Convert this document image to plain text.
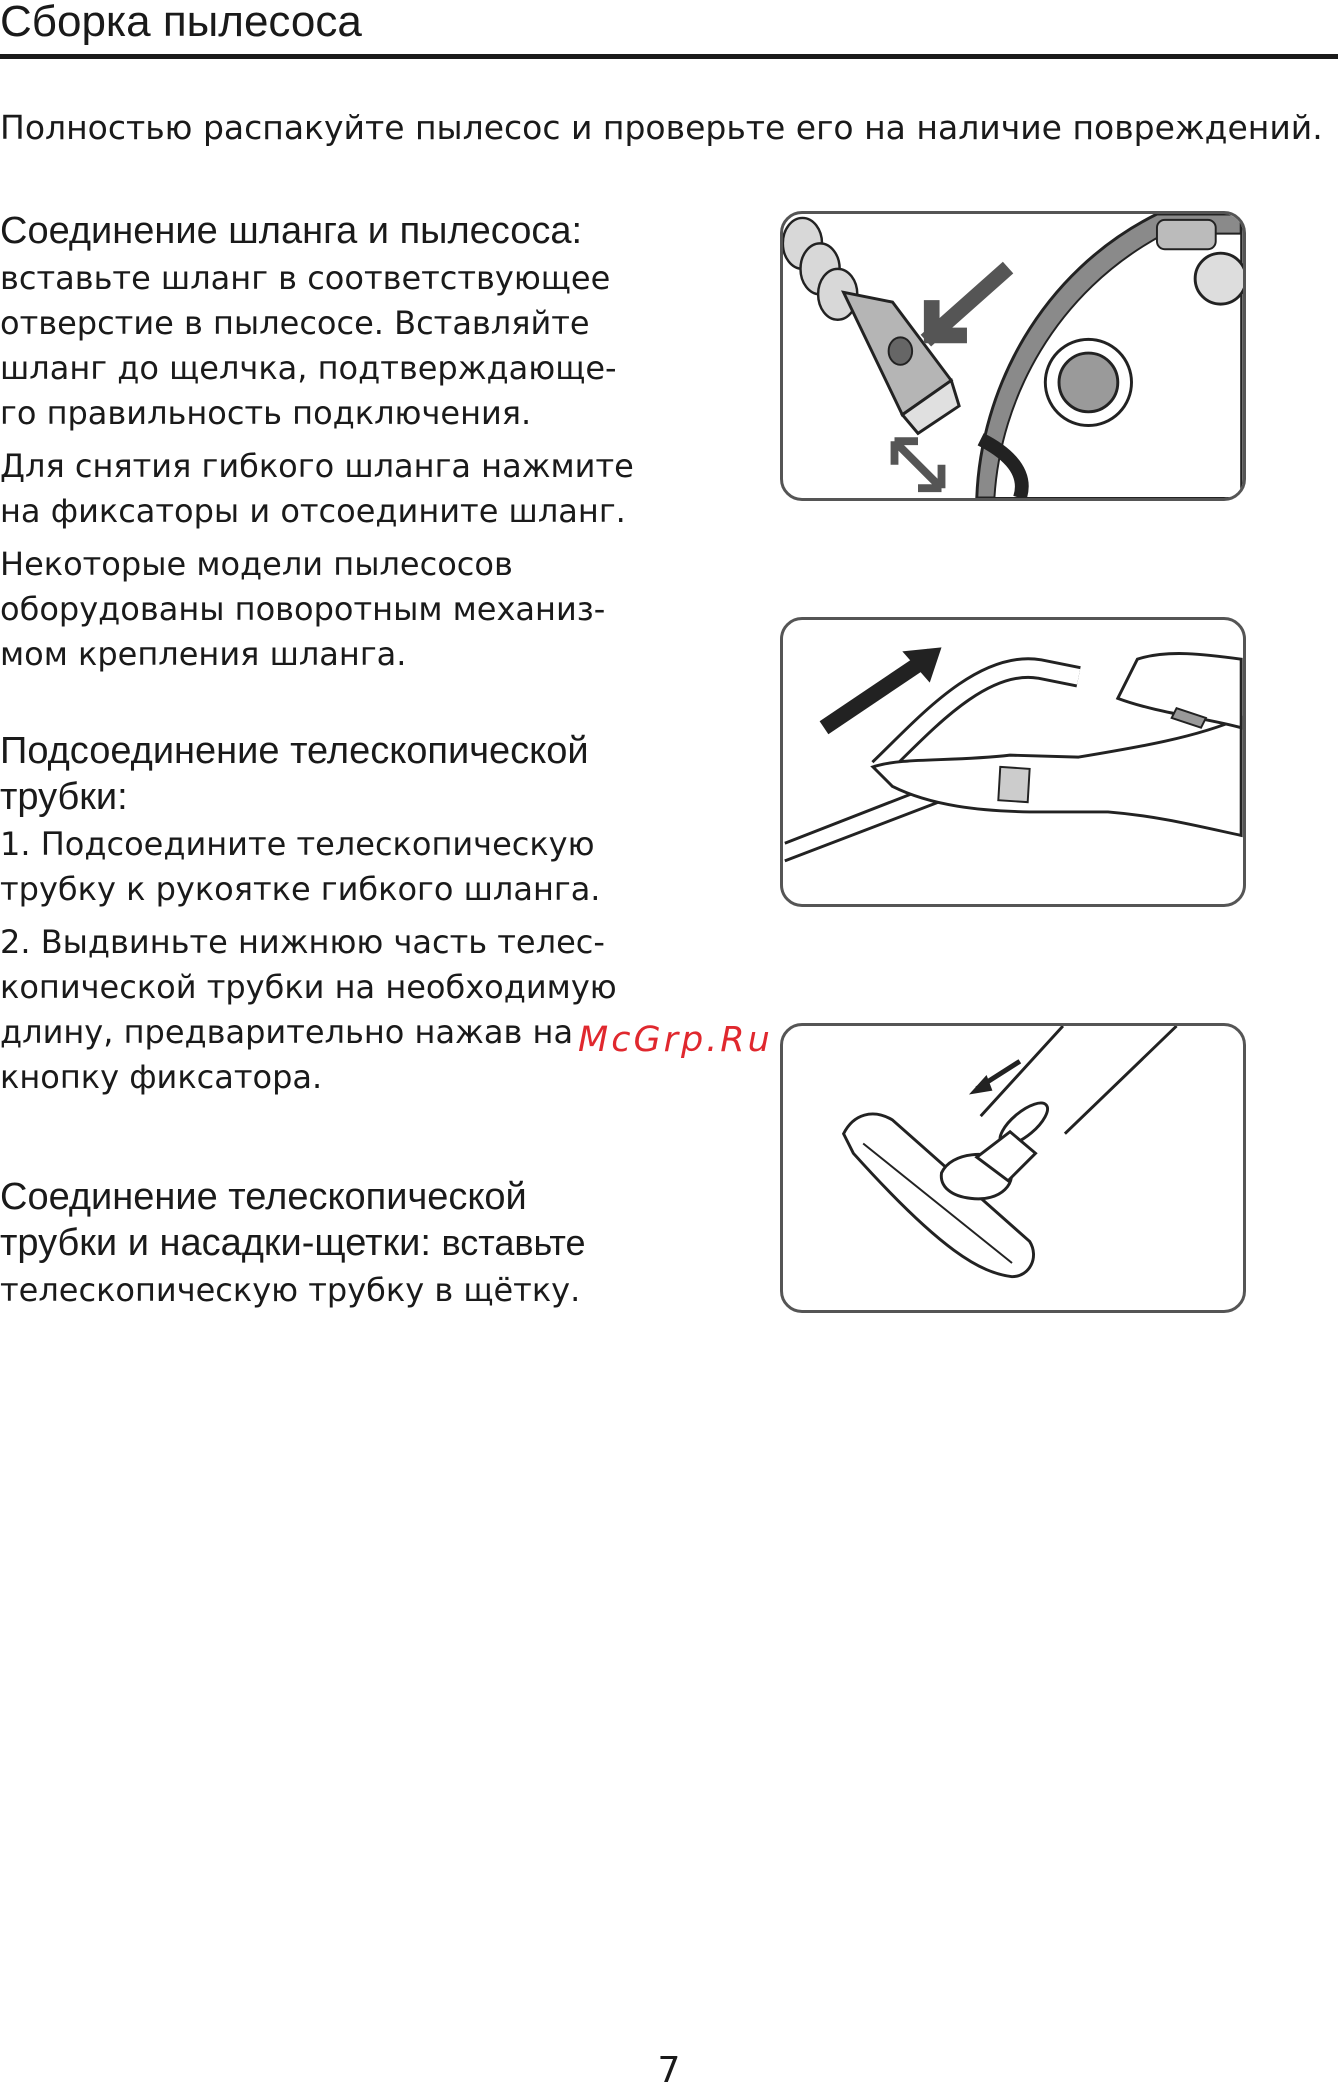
Сборка пылесоса

Полностью распакуйте пылесос и проверьте его на наличие повреждений.

Соединение шланга и пылесоса:

вставьте шланг в соответствующее
отверстие в пылесосе. Вставляйте
шланг до щелчка, подтверждающе-
го правильность подключения.

Для снятия гибкого шланга нажмите
на фиксаторы и отсоедините шланг.

Некоторые модели пылесосов
оборудованы поворотным механиз-
мом крепления шланга.

Подсоединение телескопической
трубки:

1. Подсоедините телескопическую
трубку к рукоятке гибкого шланга.

2. Выдвиньте нижнюю часть телес-
копической трубки на необходимую
длину, предварительно нажав на
кнопку фиксатора.

Соединение телескопической
трубки и насадки-щетки: вставьте

телескопическую трубку в щётку.

McGrp.Ru
7
